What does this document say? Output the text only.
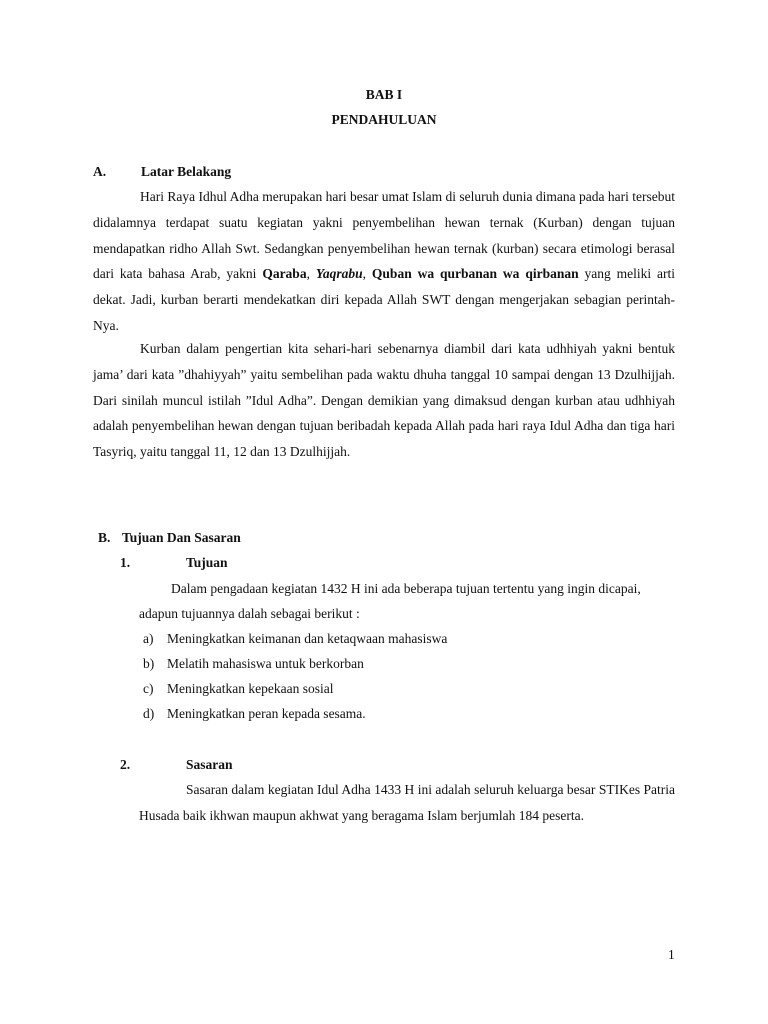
BAB I
PENDAHULUAN
A.	Latar Belakang

Hari Raya Idhul Adha merupakan hari besar umat Islam di seluruh dunia dimana pada hari tersebut didalamnya terdapat suatu kegiatan yakni penyembelihan hewan ternak (Kurban) dengan tujuan mendapatkan ridho Allah Swt. Sedangkan penyembelihan hewan ternak (kurban) secara etimologi berasal dari kata bahasa Arab, yakni Qaraba, Yaqrabu, Quban wa qurbanan wa qirbanan yang meliki arti dekat. Jadi, kurban berarti mendekatkan diri kepada Allah SWT dengan mengerjakan sebagian perintah-Nya.

Kurban dalam pengertian kita sehari-hari sebenarnya diambil dari kata udhhiyah yakni bentuk jama’ dari kata ”dhahiyyah” yaitu sembelihan pada waktu dhuha tanggal 10 sampai dengan 13 Dzulhijjah. Dari sinilah muncul istilah ”Idul Adha”. Dengan demikian yang dimaksud dengan kurban atau udhhiyah adalah penyembelihan hewan dengan tujuan beribadah kepada Allah pada hari raya Idul Adha dan tiga hari Tasyriq, yaitu tanggal 11, 12 dan 13 Dzulhijjah.

B. Tujuan Dan Sasaran
1.	Tujuan

Dalam pengadaan kegiatan 1432 H ini ada beberapa tujuan tertentu yang ingin dicapai, adapun tujuannya dalah sebagai berikut :

a) Meningkatkan keimanan dan ketaqwaan mahasiswa
b) Melatih mahasiswa untuk berkorban
c) Meningkatkan kepekaan sosial
d) Meningkatkan peran kepada sesama.
2.	Sasaran

Sasaran dalam kegiatan Idul Adha 1433 H ini adalah seluruh keluarga besar STIKes Patria Husada baik ikhwan maupun akhwat yang beragama Islam berjumlah 184 peserta.

1
